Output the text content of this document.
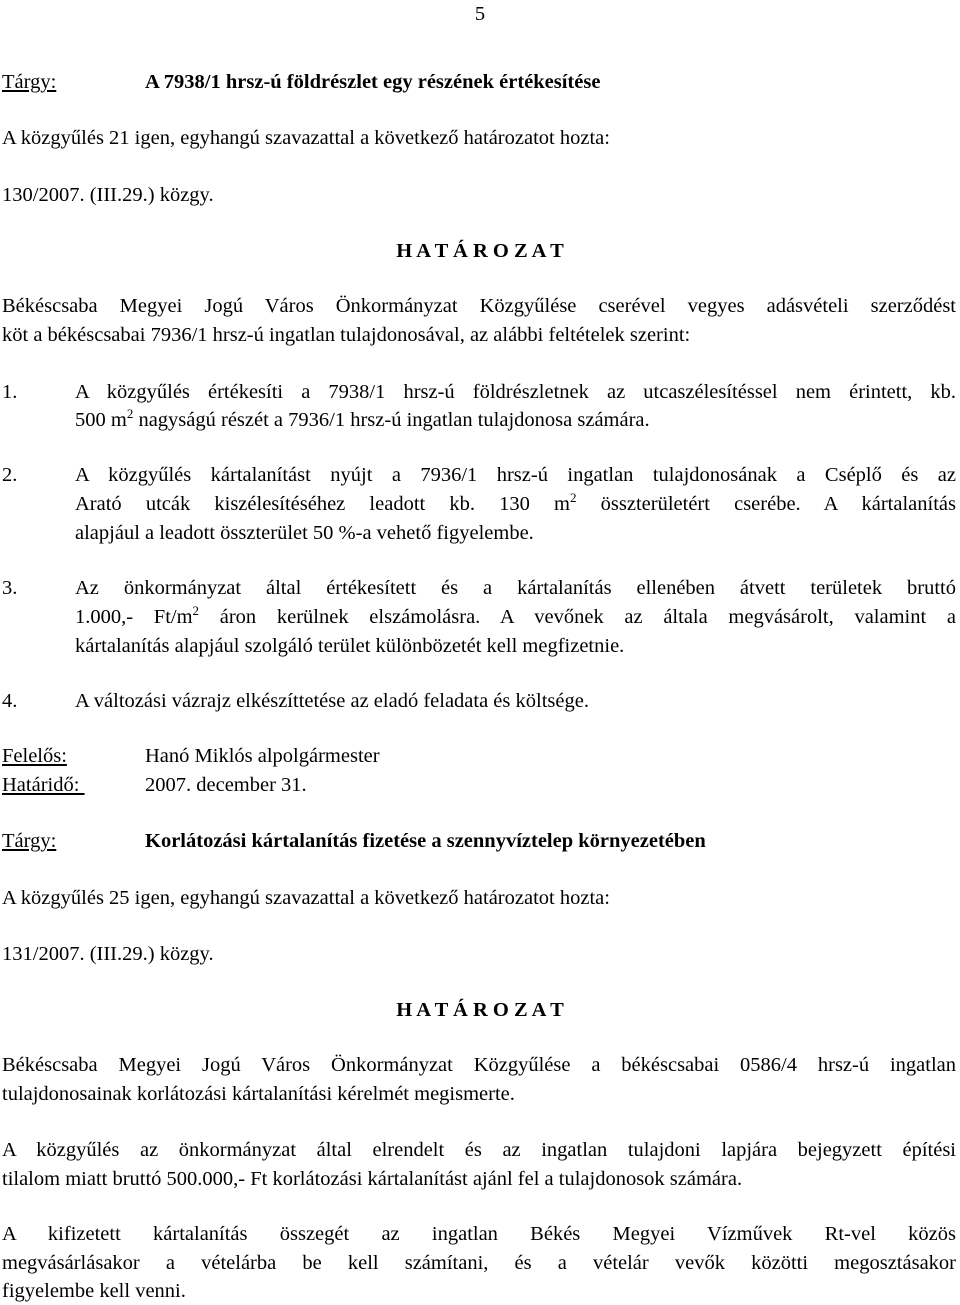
5
Tárgy:	A 7938/1 hrsz-ú földrészlet egy részének értékesítése
A közgyűlés 21 igen, egyhangú szavazattal a következő határozatot hozta:
130/2007. (III.29.) közgy.
H A T Á R O Z A T
Békéscsaba Megyei Jogú Város Önkormányzat Közgyűlése cserével vegyes adásvételi szerződést
köt a békéscsabai 7936/1 hrsz-ú ingatlan tulajdonosával, az alábbi feltételek szerint:
1.	A közgyűlés értékesíti a 7938/1 hrsz-ú földrészletnek az utcaszélesítéssel nem érintett, kb.
500 $m^2$ nagyságú részét a 7936/1 hrsz-ú ingatlan tulajdonosa számára.
2.	A közgyűlés kártalanítást nyújt a 7936/1 hrsz-ú ingatlan tulajdonosának a Cséplő és az
Arató utcák kiszélesítéséhez leadott kb. 130 $m^2$ összterületért cserébe. A kártalanítás
alapjául a leadott összterület 50 %-a vehető figyelembe.
3.	Az önkormányzat által értékesített és a kártalanítás ellenében átvett területek bruttó
1.000,- $Ft/m^2$ áron kerülnek elszámolásra. A vevőnek az általa megvásárolt, valamint a
kártalanítás alapjául szolgáló terület különbözetét kell megfizetnie.
4.	A változási vázrajz elkészíttetése az eladó feladata és költsége.
Felelős:	Hanó Miklós alpolgármester
Határidő:	2007. december 31.
Tárgy:	Korlátozási kártalanítás fizetése a szennyvíztelep környezetében
A közgyűlés 25 igen, egyhangú szavazattal a következő határozatot hozta:
131/2007. (III.29.) közgy.
H A T Á R O Z A T
Békéscsaba Megyei Jogú Város Önkormányzat Közgyűlése a békéscsabai 0586/4 hrsz-ú ingatlan
tulajdonosainak korlátozási kártalanítási kérelmét megismerte.
A közgyűlés az önkormányzat által elrendelt és az ingatlan tulajdoni lapjára bejegyzett építési
tilalom miatt bruttó 500.000,- Ft korlátozási kártalanítást ajánl fel a tulajdonosok számára.
A kifizetett kártalanítás összegét az ingatlan Békés Megyei Vízművek Rt-vel közös
megvásárlásakor a vételárba be kell számítani, és a vételár vevők közötti megosztásakor
figyelembe kell venni.
